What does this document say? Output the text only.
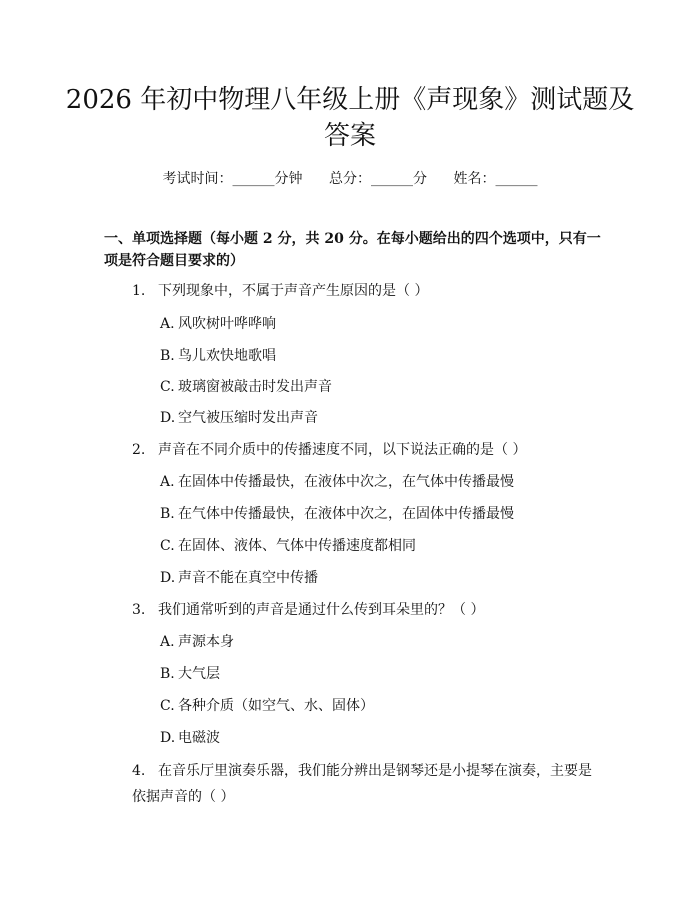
2026 年初中物理八年级上册《声现象》测试题及答案
考试时间：______分钟 总分：______分 姓名：______

一、单项选择题（每小题 2 分，共 20 分。在每小题给出的四个选项中，只有一项是符合题目要求的）

1. 下列现象中，不属于声音产生原因的是（ ）
A. 风吹树叶哗哗响
B. 鸟儿欢快地歌唱
C. 玻璃窗被敲击时发出声音
D. 空气被压缩时发出声音
2. 声音在不同介质中的传播速度不同，以下说法正确的是（ ）
A. 在固体中传播最快，在液体中次之，在气体中传播最慢
B. 在气体中传播最快，在液体中次之，在固体中传播最慢
C. 在固体、液体、气体中传播速度都相同
D. 声音不能在真空中传播
3. 我们通常听到的声音是通过什么传到耳朵里的？（ ）
A. 声源本身
B. 大气层
C. 各种介质（如空气、水、固体）
D. 电磁波
4. 在音乐厅里演奏乐器，我们能分辨出是钢琴还是小提琴在演奏，主要是依据声音的（ ）
